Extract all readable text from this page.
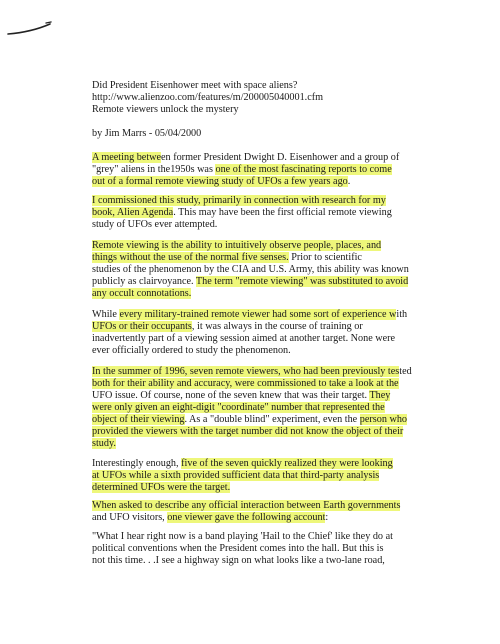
Did President Eisenhower meet with space aliens?
http://www.alienzoo.com/features/m/200005040001.cfm
Remote viewers unlock the mystery
by Jim Marrs - 05/04/2000
A meeting between former President Dwight D. Eisenhower and a group of
"grey" aliens in the1950s was one of the most fascinating reports to come
out of a formal remote viewing study of UFOs a few years ago.
I commissioned this study, primarily in connection with research for my
book, Alien Agenda. This may have been the first official remote viewing
study of UFOs ever attempted.
Remote viewing is the ability to intuitively observe people, places, and
things without the use of the normal five senses. Prior to scientific
studies of the phenomenon by the CIA and U.S. Army, this ability was known
publicly as clairvoyance. The term "remote viewing" was substituted to avoid
any occult connotations.
While every military-trained remote viewer had some sort of experience with
UFOs or their occupants, it was always in the course of training or
inadvertently part of a viewing session aimed at another target. None were
ever officially ordered to study the phenomenon.
In the summer of 1996, seven remote viewers, who had been previously tested
both for their ability and accuracy, were commissioned to take a look at the
UFO issue. Of course, none of the seven knew that was their target. They
were only given an eight-digit "coordinate" number that represented the
object of their viewing. As a "double blind" experiment, even the person who
provided the viewers with the target number did not know the object of their
study.
Interestingly enough, five of the seven quickly realized they were looking
at UFOs while a sixth provided sufficient data that third-party analysis
determined UFOs were the target.
When asked to describe any official interaction between Earth governments
and UFO visitors, one viewer gave the following account:
"What I hear right now is a band playing 'Hail to the Chief' like they do at
political conventions when the President comes into the hall. But this is
not this time. . .I see a highway sign on what looks like a two-lane road,
